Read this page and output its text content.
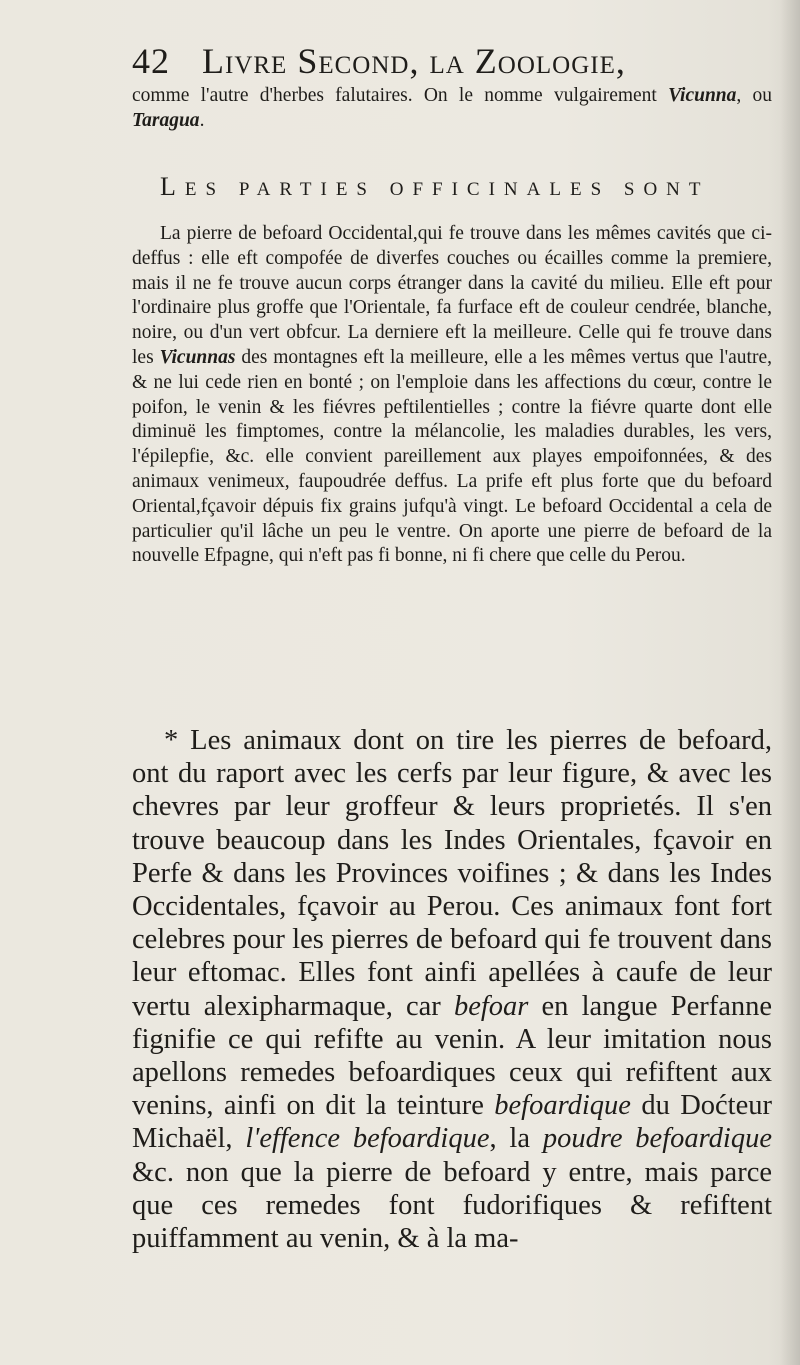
42 Livre Second, la Zoologie,

comme l'autre d'herbes falutaires. On le nomme vulgairement Vicunna, ou Taragua.

LES PARTIES OFFICINALES SONT

La pierre de befoard Occidental,qui fe trouve dans les mêmes cavités que ci-deffus : elle eft compofée de diverfes couches ou écailles comme la premiere, mais il ne fe trouve aucun corps étranger dans la cavité du milieu. Elle eft pour l'ordinaire plus groffe que l'Orientale, fa furface eft de couleur cendrée, blanche, noire, ou d'un vert obfcur. La derniere eft la meilleure. Celle qui fe trouve dans les Vicunnas des montagnes eft la meilleure, elle a les mêmes vertus que l'autre, & ne lui cede rien en bonté ; on l'emploie dans les affections du cœur, contre le poifon, le venin & les fiévres peftilentielles ; contre la fiévre quarte dont elle diminuë les fimptomes, contre la mélancolie, les maladies durables, les vers, l'épilepfie, &c. elle convient pareillement aux playes empoifonnées, & des animaux venimeux, faupoudrée deffus. La prife eft plus forte que du befoard Oriental,fçavoir dépuis fix grains jufqu'à vingt. Le befoard Occidental a cela de particulier qu'il lâche un peu le ventre. On aporte une pierre de befoard de la nouvelle Efpagne, qui n'eft pas fi bonne, ni fi chere que celle du Perou.

* Les animaux dont on tire les pierres de befoard, ont du raport avec les cerfs par leur figure, & avec les chevres par leur groffeur & leurs proprietés. Il s'en trouve beaucoup dans les Indes Orientales, fçavoir en Perfe & dans les Provinces voifines ; & dans les Indes Occidentales, fçavoir au Perou. Ces animaux font fort celebres pour les pierres de befoard qui fe trouvent dans leur eftomac. Elles font ainfi apellées à caufe de leur vertu alexipharmaque, car befoar en langue Perfanne fignifie ce qui refifte au venin. A leur imitation nous apellons remedes befoardiques ceux qui refiftent aux venins, ainfi on dit la teinture befoardique du Doćteur Michaël, l'effence befoardique, la poudre befoardique &c. non que la pierre de befoard y entre, mais parce que ces remedes font fudorifiques & refiftent puiffamment au venin, & à la ma-
